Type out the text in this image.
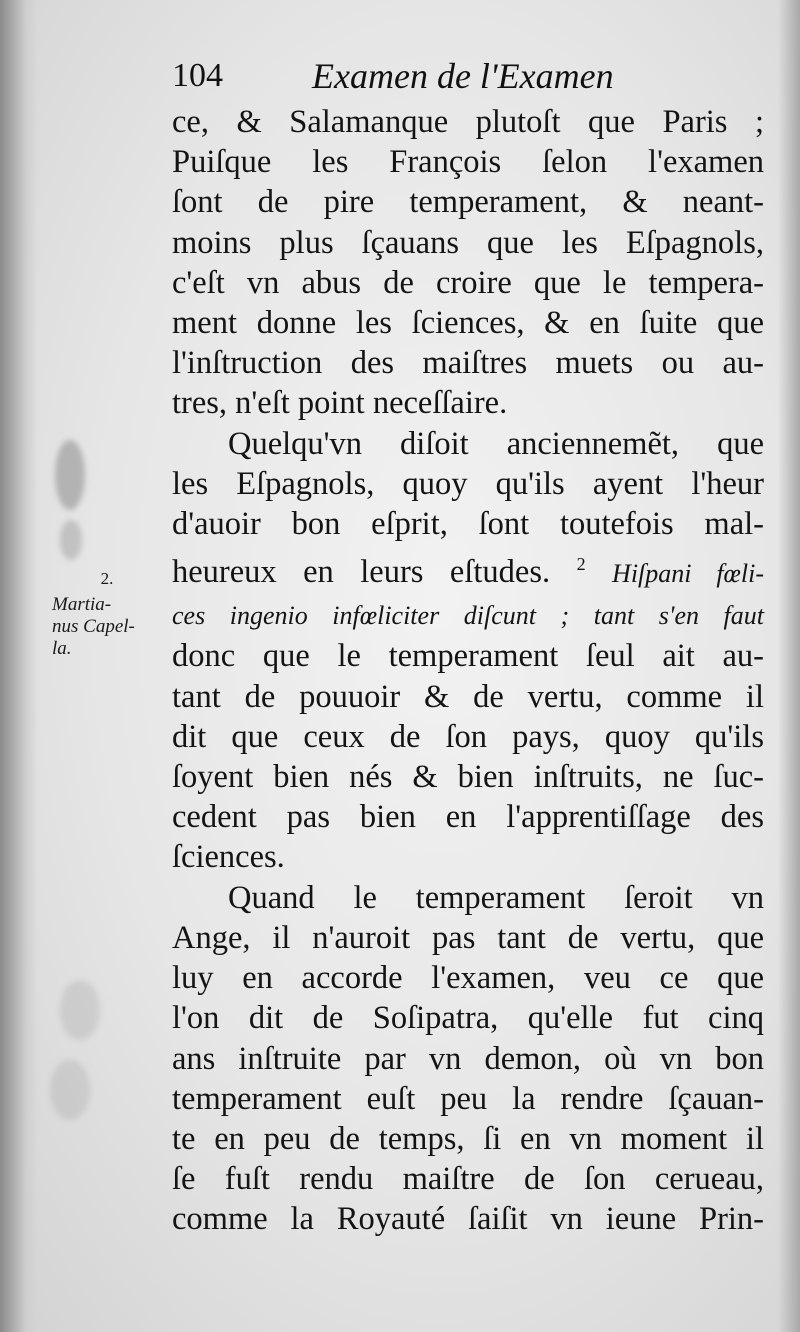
104 Examen de l'Examen
ce, & Salamanque plutoſt que Paris ;
Puiſque les François ſelon l'examen
ſont de pire temperament, & neant-
moins plus ſçauans que les Eſpagnols,
c'eſt vn abus de croire que le tempera-
ment donne les ſciences, & en ſuite que
l'inſtruction des maiſtres muets ou au-
tres, n'eſt point neceſſaire.
Quelqu'vn diſoit anciennemẽt, que
les Eſpagnols, quoy qu'ils ayent l'heur
d'auoir bon eſprit, ſont toutefois mal-
heureux en leurs eſtudes. $^2$ Hiſpani fœli-
ces ingenio infœliciter diſcunt ; tant s'en faut
donc que le temperament ſeul ait au-
tant de pouuoir & de vertu, comme il
dit que ceux de ſon pays, quoy qu'ils
ſoyent bien nés & bien inſtruits, ne ſuc-
cedent pas bien en l'apprentiſſage des
ſciences.
Quand le temperament ſeroit vn
Ange, il n'auroit pas tant de vertu, que
luy en accorde l'examen, veu ce que
l'on dit de Soſipatra, qu'elle fut cinq
ans inſtruite par vn demon, où vn bon
temperament euſt peu la rendre ſçauan-
te en peu de temps, ſi en vn moment il
ſe fuſt rendu maiſtre de ſon cerueau,
comme la Royauté ſaiſit vn ieune Prin-
2.
Martia-
nus Capel-
la.
